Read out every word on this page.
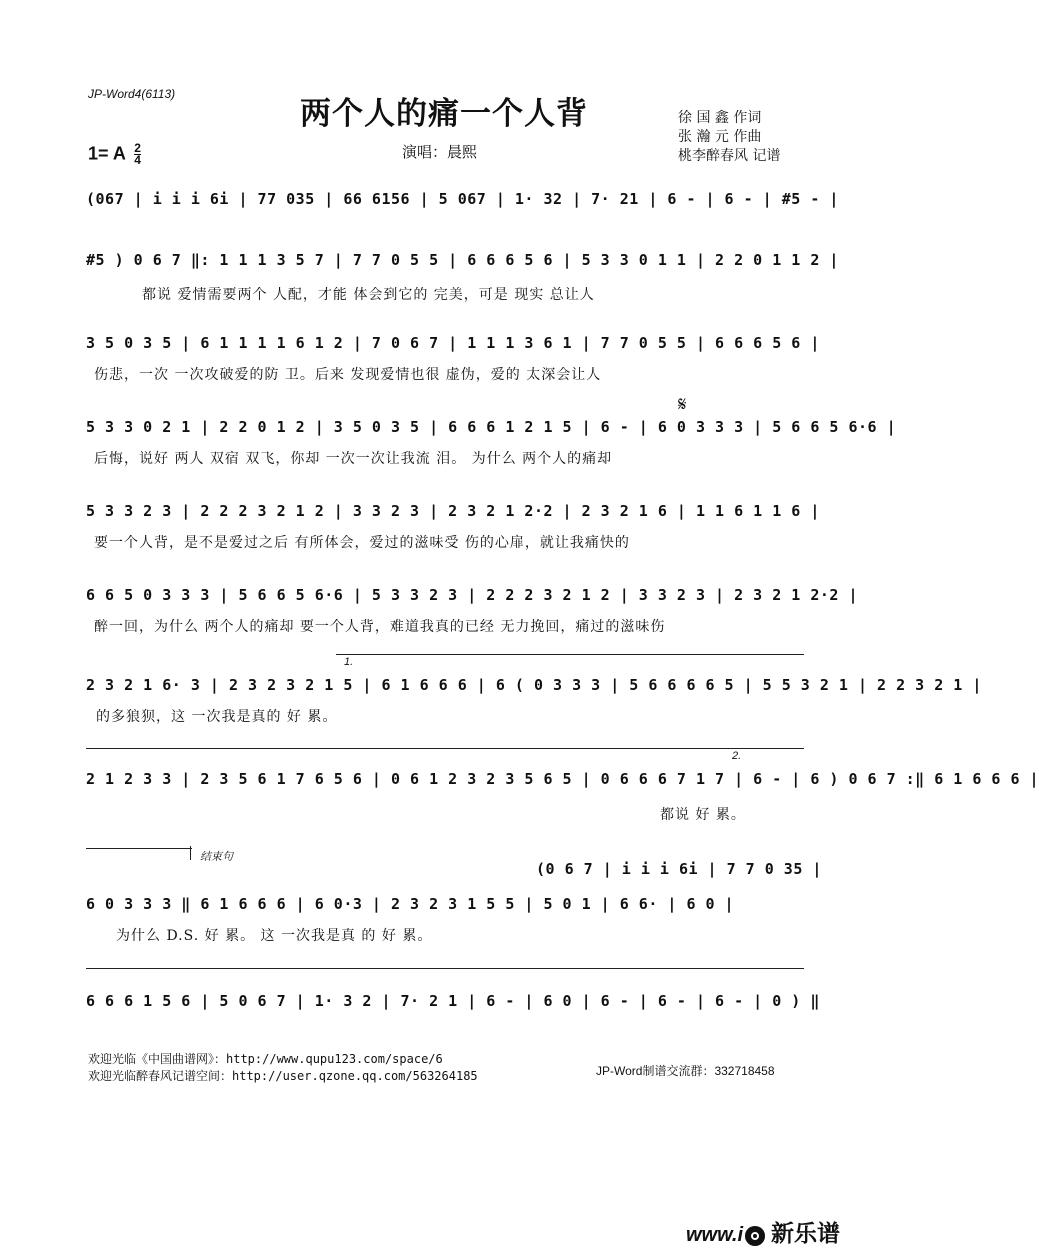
JP-Word4(6113)
两个人的痛一个人背
1= A $\frac{2}{4}$	演唱：晨熙
徐 国 鑫 作词
张 瀚 元 作曲
桃李醉春风 记谱
(067 | i i i 6i | 77 035 | 66 6156 | 5 067 | 1· 32 | 7· 21 | 6 - | 6 - | #5 - |
#5 ) 0 6 7 ‖: 1 1 1 3 5 7 | 7 7 0 5 5 | 6 6 6 5 6 | 5 3 3 0 1 1 | 2 2 0 1 1 2 |
都说 爱情需要两个 人配，才能 体会到它的 完美，可是 现实 总让人
3 5 0 3 5 | 6 1 1 1 1 6 1 2 | 7 0 6 7 | 1 1 1 3 6 1 | 7 7 0 5 5 | 6 6 6 5 6 |
伤悲，一次 一次攻破爱的防 卫。后来 发现爱情也很 虚伪，爱的 太深会让人
𝄋
5 3 3 0 2 1 | 2 2 0 1 2 | 3 5 0 3 5 | 6 6 6 1 2 1 5 | 6 - | 6 0 3 3 3 | 5 6 6 5 6·6 |
后悔，说好 两人 双宿 双飞，你却 一次一次让我流 泪。 为什么 两个人的痛却
5 3 3 2 3 | 2 2 2 3 2 1 2 | 3 3 2 3 | 2 3 2 1 2·2 | 2 3 2 1 6 | 1 1 6 1 1 6 |
要一个人背，是不是爱过之后 有所体会，爱过的滋味受 伤的心扉，就让我痛快的
6 6 5 0 3 3 3 | 5 6 6 5 6·6 | 5 3 3 2 3 | 2 2 2 3 2 1 2 | 3 3 2 3 | 2 3 2 1 2·2 |
醉一回，为什么 两个人的痛却 要一个人背，难道我真的已经 无力挽回，痛过的滋味伤
1.
2 3 2 1 6· 3 | 2 3 2 3 2 1 5 | 6 1 6 6 6 | 6 ( 0 3 3 3 | 5 6 6 6 6 5 | 5 5 3 2 1 | 2 2 3 2 1 |
的多狼狈，这 一次我是真的 好 累。
2.
2 1 2 3 3 | 2 3 5 6 1 7 6 5 6 | 0 6 1 2 3 2 3 5 6 5 | 0 6 6 6 7 1 7 | 6 - | 6 ) 0 6 7 :‖ 6 1 6 6 6 |
都说 好 累。
结束句
(0 6 7 | i i i 6i | 7 7 0 35 |
6 0 3 3 3 ‖ 6 1 6 6 6 | 6 0·3 | 2 3 2 3 1 5 5 | 5 0 1 | 6 6· | 6 0 |
为什么 D.S. 好 累。 这 一次我是真 的 好 累。
6 6 6 1 5 6 | 5 0 6 7 | 1· 3 2 | 7· 2 1 | 6 - | 6 0 | 6 - | 6 - | 6 - | 0 ) ‖
欢迎光临《中国曲谱网》：http://www.qupu123.com/space/6
欢迎光临醉春风记谱空间：http://user.qzone.qq.com/563264185	JP-Word制谱交流群：332718458
www.i 新乐谱
